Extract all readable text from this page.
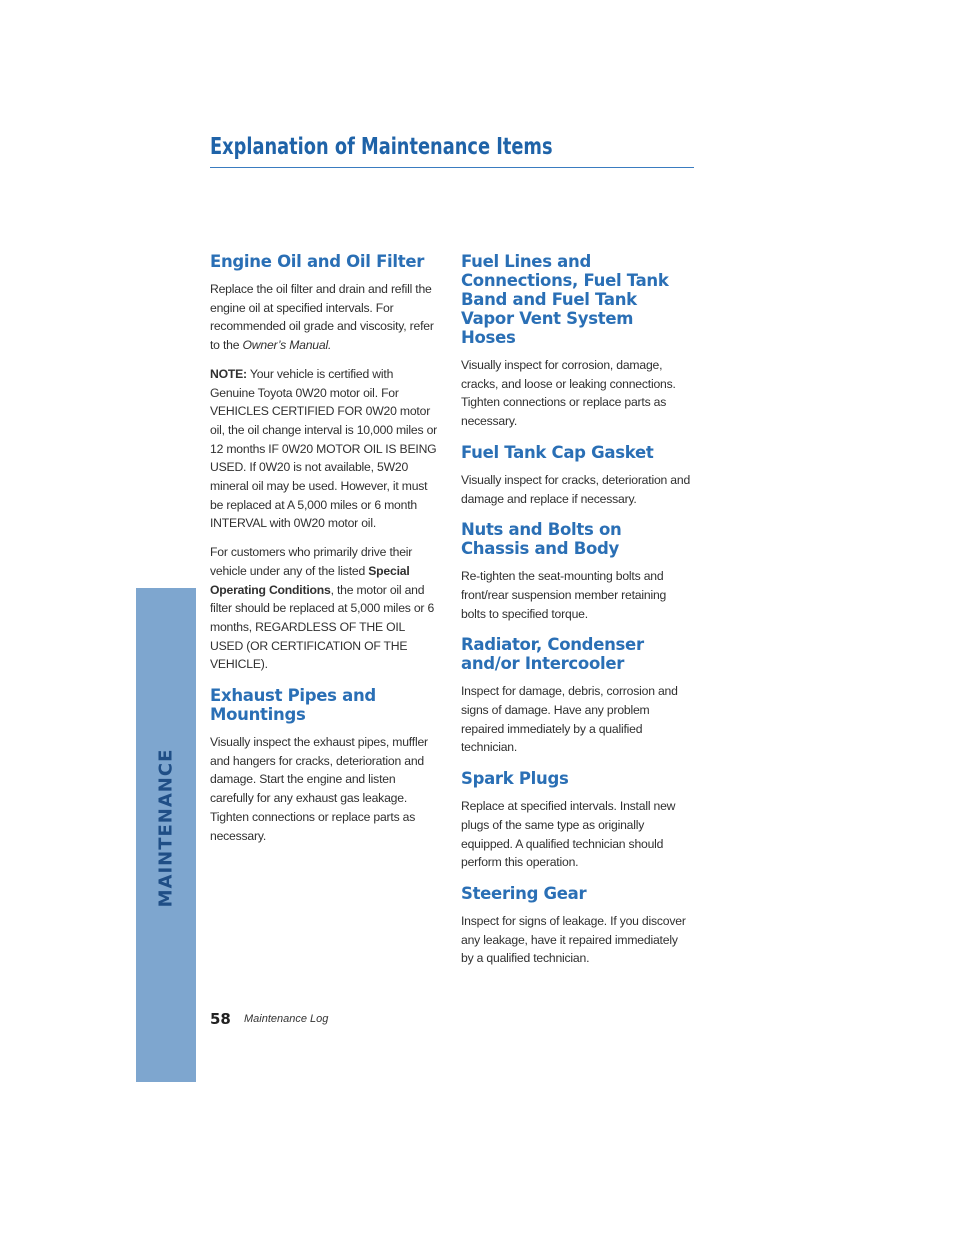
MAINTENANCE
Explanation of Maintenance Items
Engine Oil and Oil Filter

Replace the oil filter and drain and refill the engine oil at specified intervals. For recommended oil grade and viscosity, refer to the Owner’s Manual.

NOTE: Your vehicle is certified with Genuine Toyota 0W20 motor oil. For VEHICLES CERTIFIED FOR 0W20 motor oil, the oil change interval is 10,000 miles or 12 months IF 0W20 MOTOR OIL IS BEING USED. If 0W20 is not available, 5W20 mineral oil may be used. However, it must be replaced at A 5,000 miles or 6 month INTERVAL with 0W20 motor oil.

For customers who primarily drive their vehicle under any of the listed Special Operating Conditions, the motor oil and filter should be replaced at 5,000 miles or 6 months, REGARDLESS OF THE OIL USED (OR CERTIFICATION OF THE VEHICLE).

Exhaust Pipes and Mountings

Visually inspect the exhaust pipes, muffler and hangers for cracks, deterioration and damage. Start the engine and listen carefully for any exhaust gas leakage. Tighten connections or replace parts as necessary.

Fuel Lines and Connections, Fuel Tank Band and Fuel Tank Vapor Vent System Hoses

Visually inspect for corrosion, damage, cracks, and loose or leaking connections. Tighten connections or replace parts as necessary.

Fuel Tank Cap Gasket

Visually inspect for cracks, deterioration and damage and replace if necessary.

Nuts and Bolts on Chassis and Body

Re-tighten the seat-mounting bolts and front/rear suspension member retaining bolts to specified torque.

Radiator, Condenser and/or Intercooler

Inspect for damage, debris, corrosion and signs of damage. Have any problem repaired immediately by a qualified technician.

Spark Plugs

Replace at specified intervals. Install new plugs of the same type as originally equipped. A qualified technician should perform this operation.

Steering Gear

Inspect for signs of leakage. If you discover any leakage, have it repaired immediately by a qualified technician.

58 Maintenance Log
